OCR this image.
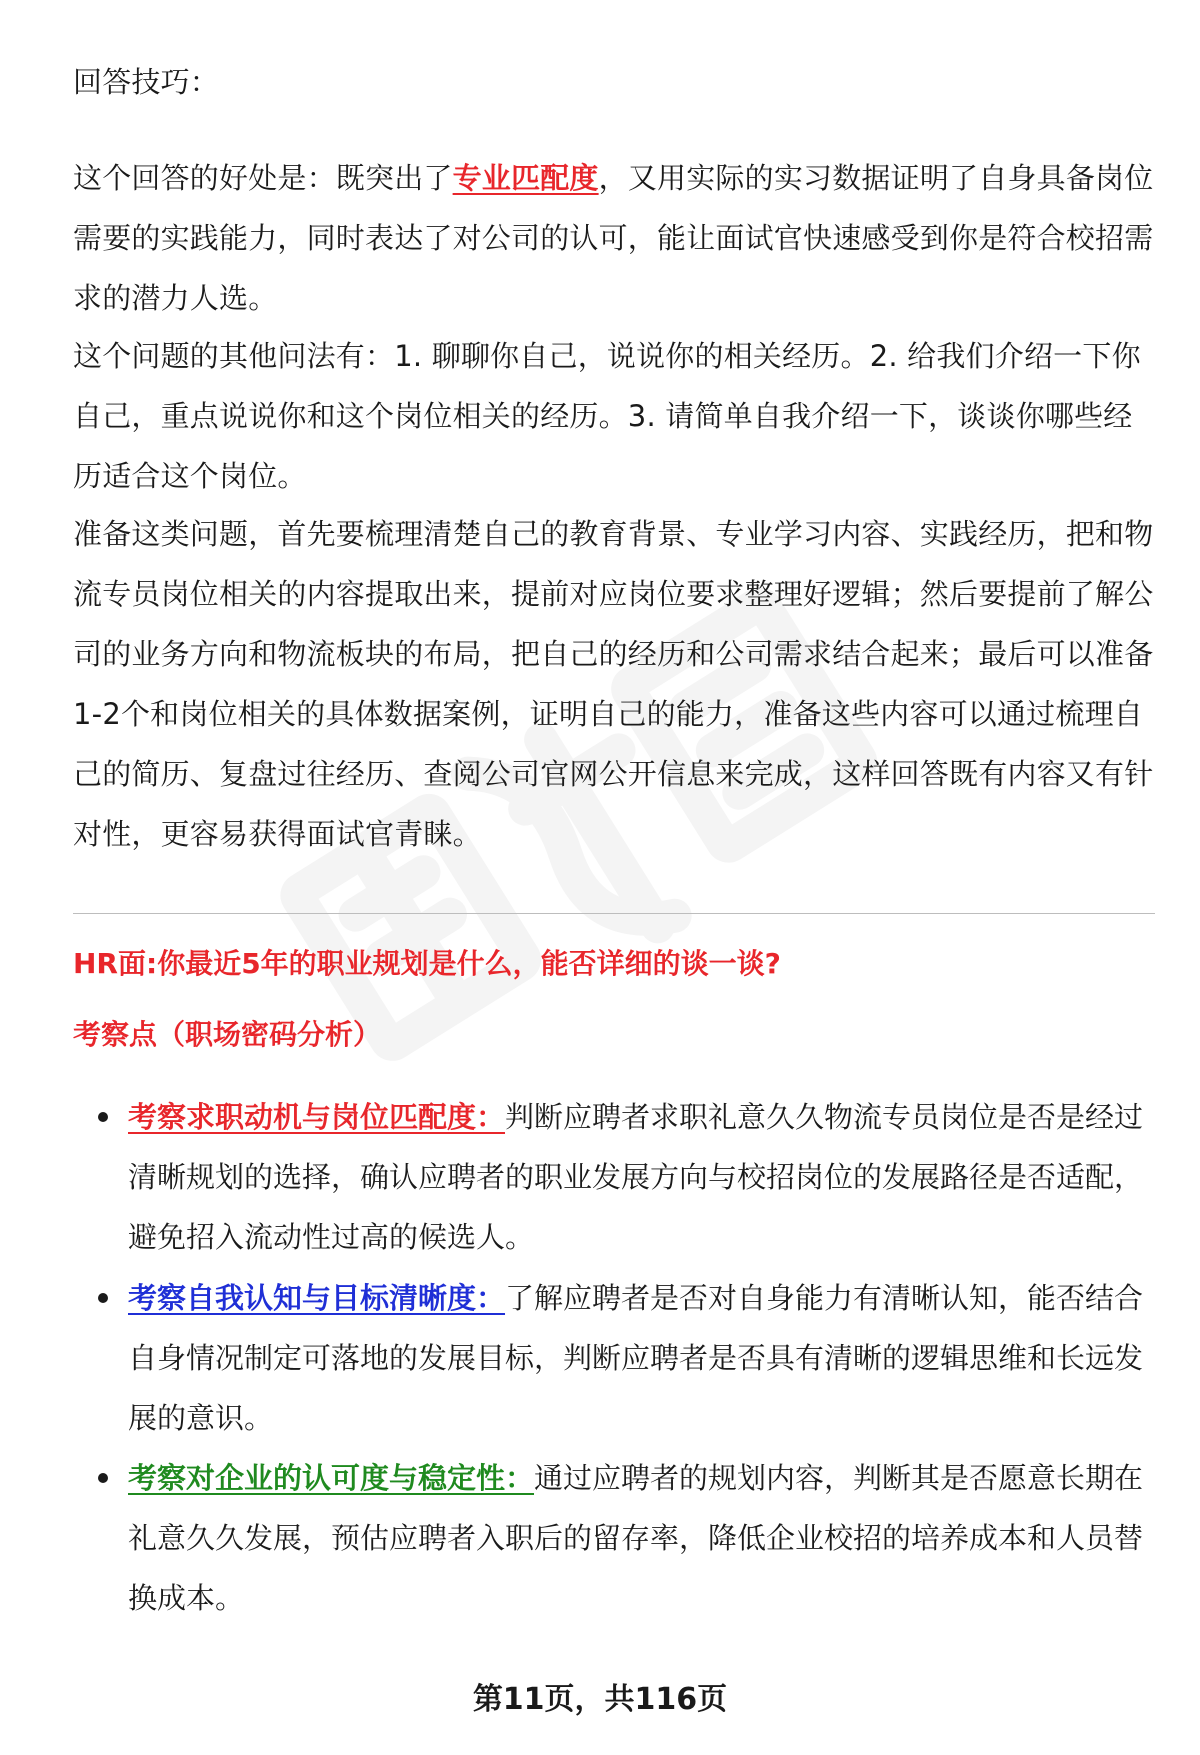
回答技巧：

这个回答的好处是：既突出了专业匹配度，又用实际的实习数据证明了自身具备岗位需要的实践能力，同时表达了对公司的认可，能让面试官快速感受到你是符合校招需求的潜力人选。

这个问题的其他问法有：1. 聊聊你自己，说说你的相关经历。2. 给我们介绍一下你自己，重点说说你和这个岗位相关的经历。3. 请简单自我介绍一下，谈谈你哪些经历适合这个岗位。

准备这类问题，首先要梳理清楚自己的教育背景、专业学习内容、实践经历，把和物流专员岗位相关的内容提取出来，提前对应岗位要求整理好逻辑；然后要提前了解公司的业务方向和物流板块的布局，把自己的经历和公司需求结合起来；最后可以准备1-2个和岗位相关的具体数据案例，证明自己的能力，准备这些内容可以通过梳理自己的简历、复盘过往经历、查阅公司官网公开信息来完成，这样回答既有内容又有针对性，更容易获得面试官青睐。

HR面:你最近5年的职业规划是什么，能否详细的谈一谈?
考察点（职场密码分析）

考察求职动机与岗位匹配度：判断应聘者求职礼意久久物流专员岗位是否是经过清晰规划的选择，确认应聘者的职业发展方向与校招岗位的发展路径是否适配，避免招入流动性过高的候选人。

考察自我认知与目标清晰度：了解应聘者是否对自身能力有清晰认知，能否结合自身情况制定可落地的发展目标，判断应聘者是否具有清晰的逻辑思维和长远发展的意识。

考察对企业的认可度与稳定性：通过应聘者的规划内容，判断其是否愿意长期在礼意久久发展，预估应聘者入职后的留存率，降低企业校招的培养成本和人员替换成本。

第11页，共116页
